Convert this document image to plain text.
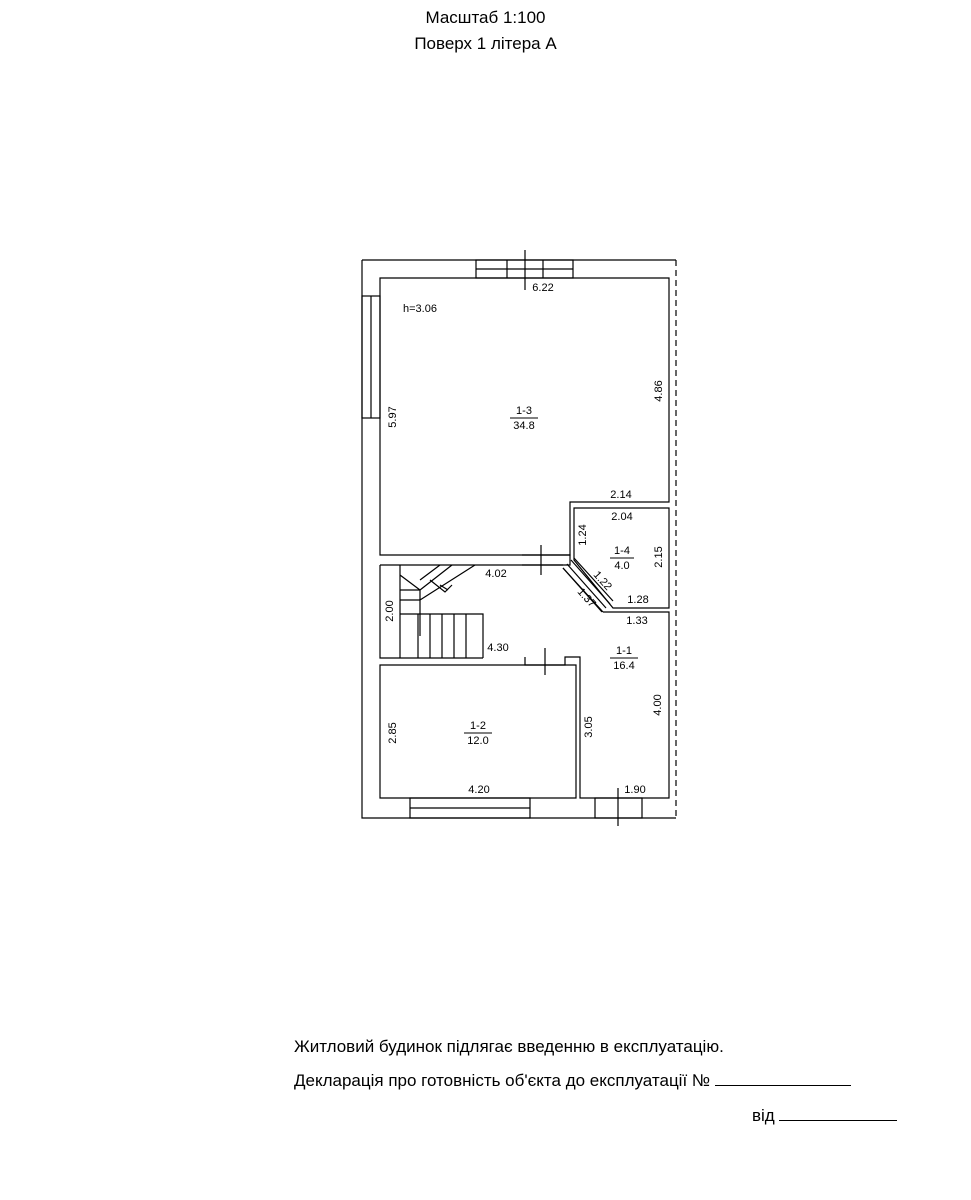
Масштаб 1:100
Поверх 1 літера А
1-3
34.8
1-4
4.0
1-1
16.4
1-2
12.0
h=3.06
6.22
4.86
5.97
2.14
2.04
1.24
2.15
1.22
1.37	1.28
1.33
4.02
2.00
4.30
2.85
4.20
3.05
4.00
1.90
Житловий будинок підлягає введенню в експлуатацію.
Декларація про готовність об'єкта до експлуатації №
від
